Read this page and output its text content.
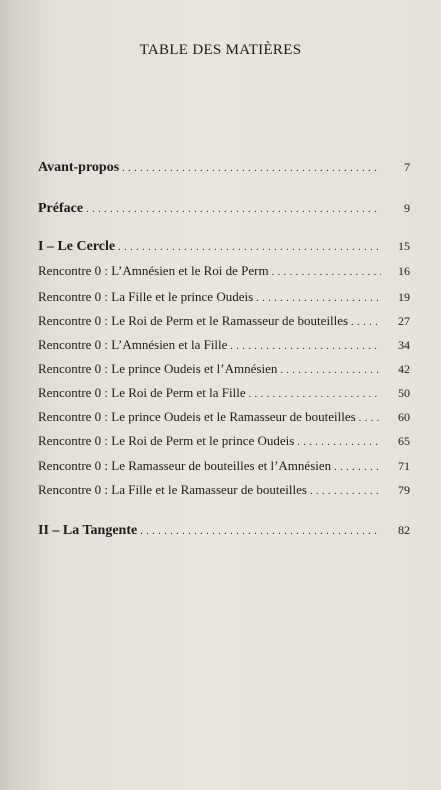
TABLE DES MATIÈRES
Avant-propos . . .	7
Préface . . .	9
I – Le Cercle . . .	15
Rencontre 0 : L’Amnésien et le Roi de Perm . . .	16
Rencontre 0 : La Fille et le prince Oudeis . . .	19
Rencontre 0 : Le Roi de Perm et le Ramasseur de bouteilles . . .	27
Rencontre 0 : L’Amnésien et la Fille . . .	34
Rencontre 0 : Le prince Oudeis et l’Amnésien . . .	42
Rencontre 0 : Le Roi de Perm et la Fille . . .	50
Rencontre 0 : Le prince Oudeis et le Ramasseur de bouteilles . . .	60
Rencontre 0 : Le Roi de Perm et le prince Oudeis . . .	65
Rencontre 0 : Le Ramasseur de bouteilles et l’Amnésien . . .	71
Rencontre 0 : La Fille et le Ramasseur de bouteilles . . .	79
II – La Tangente . . .	82
